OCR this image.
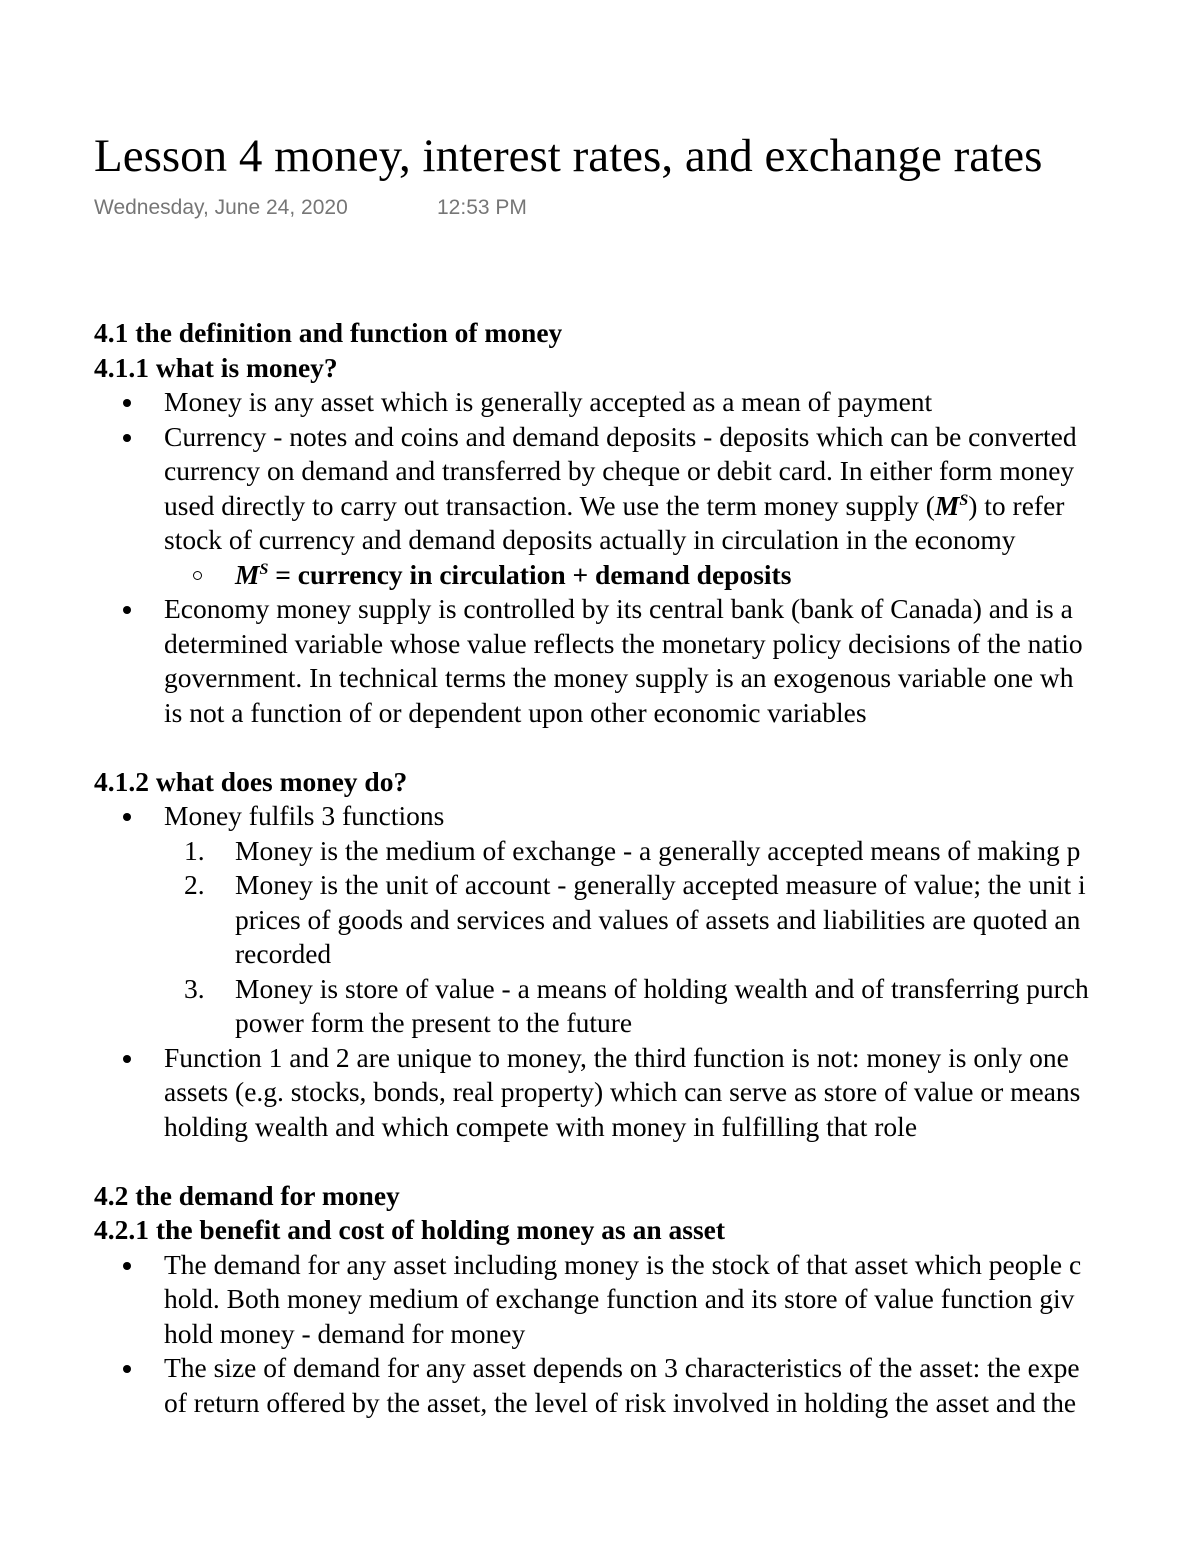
Lesson 4 money, interest rates, and exchange rates
Wednesday, June 24, 2020	12:53 PM
4.1 the definition and function of money
4.1.1 what is money?
Money is any asset which is generally accepted as a mean of payment
Currency - notes and coins and demand deposits - deposits which can be converted
currency on demand and transferred by cheque or debit card. In either form money
used directly to carry out transaction. We use the term money supply $(M^S)$ to refer
stock of currency and demand deposits actually in circulation in the economy
$M^S$ = currency in circulation + demand deposits
Economy money supply is controlled by its central bank (bank of Canada) and is a
determined variable whose value reflects the monetary policy decisions of the natio
government. In technical terms the money supply is an exogenous variable one wh
is not a function of or dependent upon other economic variables
4.1.2 what does money do?
Money fulfils 3 functions
1. Money is the medium of exchange - a generally accepted means of making p
2. Money is the unit of account - generally accepted measure of value; the unit i
prices of goods and services and values of assets and liabilities are quoted an
recorded
3. Money is store of value - a means of holding wealth and of transferring purch
power form the present to the future
Function 1 and 2 are unique to money, the third function is not: money is only one
assets (e.g. stocks, bonds, real property) which can serve as store of value or means
holding wealth and which compete with money in fulfilling that role
4.2 the demand for money
4.2.1 the benefit and cost of holding money as an asset
The demand for any asset including money is the stock of that asset which people c
hold. Both money medium of exchange function and its store of value function giv
hold money - demand for money
The size of demand for any asset depends on 3 characteristics of the asset: the expe
of return offered by the asset, the level of risk involved in holding the asset and the
